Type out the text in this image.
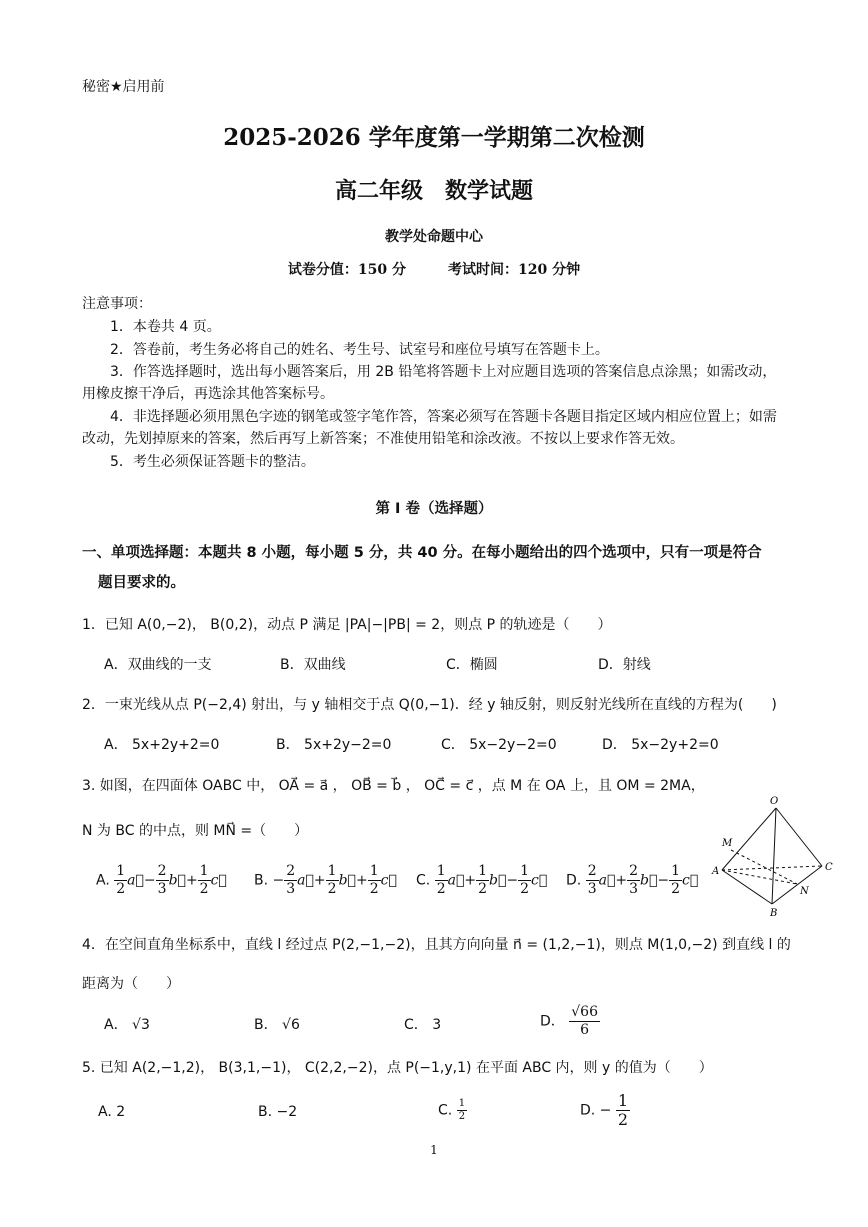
秘密★启用前
2025-2026 学年度第一学期第二次检测
高二年级　数学试题
教学处命题中心
试卷分值：150 分　　　考试时间：120 分钟
注意事项：
1．本卷共 4 页。
2．答卷前，考生务必将自己的姓名、考生号、试室号和座位号填写在答题卡上。
3．作答选择题时，选出每小题答案后，用 2B 铅笔将答题卡上对应题目选项的答案信息点涂黑；如需改动，用橡皮擦干净后，再选涂其他答案标号。
4．非选择题必须用黑色字迹的钢笔或签字笔作答，答案必须写在答题卡各题目指定区域内相应位置上；如需改动，先划掉原来的答案，然后再写上新答案；不准使用铅笔和涂改液。不按以上要求作答无效。
5．考生必须保证答题卡的整洁。
第 I 卷（选择题）
一、单项选择题：本题共 8 小题，每小题 5 分，共 40 分。在每小题给出的四个选项中，只有一项是符合
题目要求的。
1．已知 A(0,−2)， B(0,2)，动点 P 满足 |PA|−|PB| = 2，则点 P 的轨迹是（　　）
A．双曲线的一支	B．双曲线	C．椭圆	D．射线
2．一束光线从点 P(−2,4) 射出，与 y 轴相交于点 Q(0,−1)．经 y 轴反射，则反射光线所在直线的方程为(　　)
A． 5x+2y+2=0	B． 5x+2y−2=0	C． 5x−2y−2=0	D． 5x−2y+2=0
3. 如图，在四面体 OABC 中， OA⃗ = a⃗ ， OB⃗ = b⃗ ， OC⃗ = c⃗ ，点 M 在 OA 上，且 OM = 2MA，
N 为 BC 的中点，则 MN⃗ =（　　）
A. $\frac{1}{2}$ a⃗− $\frac{2}{3}$ b⃗+ $\frac{1}{2}$ c⃗ B. − $\frac{2}{3}$ a⃗+ $\frac{1}{2}$ b⃗+ $\frac{1}{2}$ c⃗ C. $\frac{1}{2}$ a⃗+ $\frac{1}{2}$ b⃗− $\frac{1}{2}$ c⃗ D. $\frac{2}{3}$ a⃗+ $\frac{2}{3}$ b⃗− $\frac{1}{2}$ c⃗
O
A
B
C
M
N
4．在空间直角坐标系中，直线 l 经过点 P(2,−1,−2)，且其方向向量 n⃗ = (1,2,−1)，则点 M(1,0,−2) 到直线 l 的
距离为（　　）
A． √3	B． √6	C． 3	D． $\frac{√66}{6}$
5. 已知 A(2,−1,2)， B(3,1,−1)， C(2,2,−2)，点 P(−1,y,1) 在平面 ABC 内，则 y 的值为（　　）
A. 2	B. −2	C. $\frac{1}{2}$	D. − $\frac{1}{2}$
1
